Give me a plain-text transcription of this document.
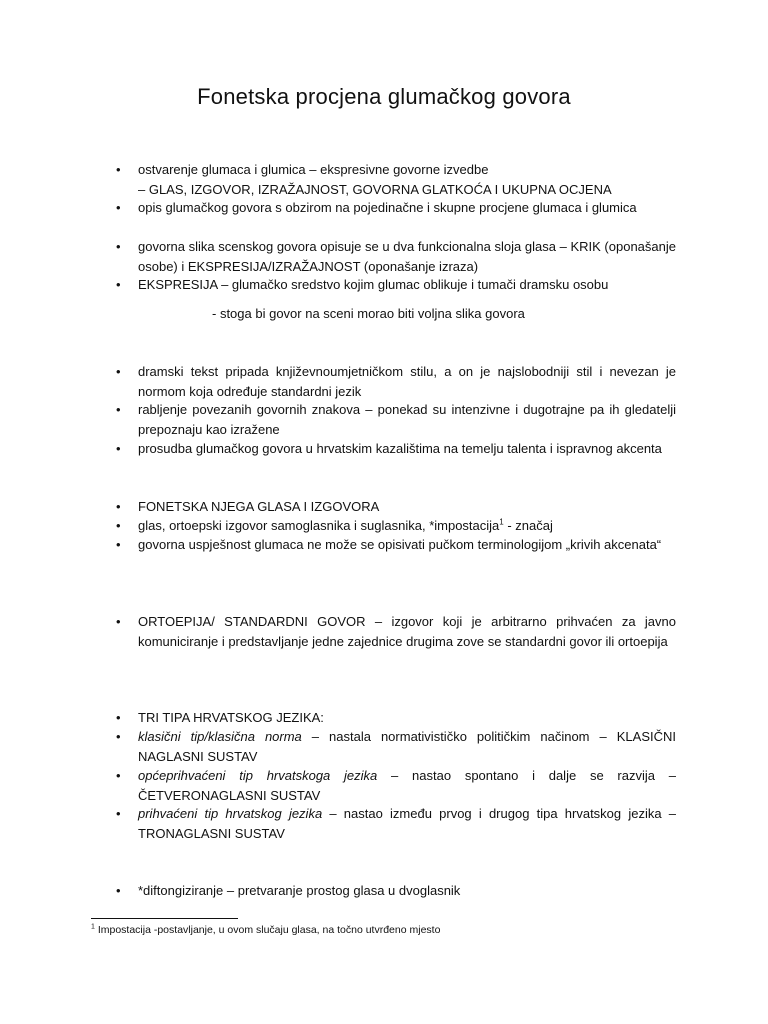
Fonetska procjena glumačkog govora
• ostvarenje glumaca i glumica – ekspresivne govorne izvedbe
– GLAS, IZGOVOR, IZRAŽAJNOST, GOVORNA GLATKOĆA I UKUPNA OCJENA
• opis glumačkog govora s obzirom na pojedinačne i skupne procjene glumaca i glumica
• govorna slika scenskog govora opisuje se u dva funkcionalna sloja glasa – KRIK (oponašanje osobe) i EKSPRESIJA/IZRAŽAJNOST (oponašanje izraza)
• EKSPRESIJA – glumačko sredstvo kojim glumac oblikuje i tumači dramsku osobu
- stoga bi govor na sceni morao biti voljna slika govora
• dramski tekst pripada književnoumjetničkom stilu, a on je najslobodniji stil i nevezan je normom koja određuje standardni jezik
• rabljenje povezanih govornih znakova – ponekad su intenzivne i dugotrajne pa ih gledatelji prepoznaju kao izražene
• prosudba glumačkog govora u hrvatskim kazalištima na temelju talenta i ispravnog akcenta
• FONETSKA NJEGA GLASA I IZGOVORA
• glas, ortoepski izgovor samoglasnika i suglasnika, *impostacija$^1$ - značaj
• govorna uspješnost glumaca ne može se opisivati pučkom terminologijom „krivih akcenata“
• ORTOEPIJA/ STANDARDNI GOVOR – izgovor koji je arbitrarno prihvaćen za javno komuniciranje i predstavljanje jedne zajednice drugima zove se standardni govor ili ortoepija
• TRI TIPA HRVATSKOG JEZIKA:
• klasični tip/klasična norma – nastala normativističko političkim načinom – KLASIČNI NAGLASNI SUSTAV
• općeprihvaćeni tip hrvatskoga jezika – nastao spontano i dalje se razvija – ČETVERONAGLASNI SUSTAV
• prihvaćeni tip hrvatskog jezika – nastao između prvog i drugog tipa hrvatskog jezika – TRONAGLASNI SUSTAV
• *diftongiziranje – pretvaranje prostog glasa u dvoglasnik
$^1$ Impostacija -postavljanje, u ovom slučaju glasa, na točno utvrđeno mjesto
